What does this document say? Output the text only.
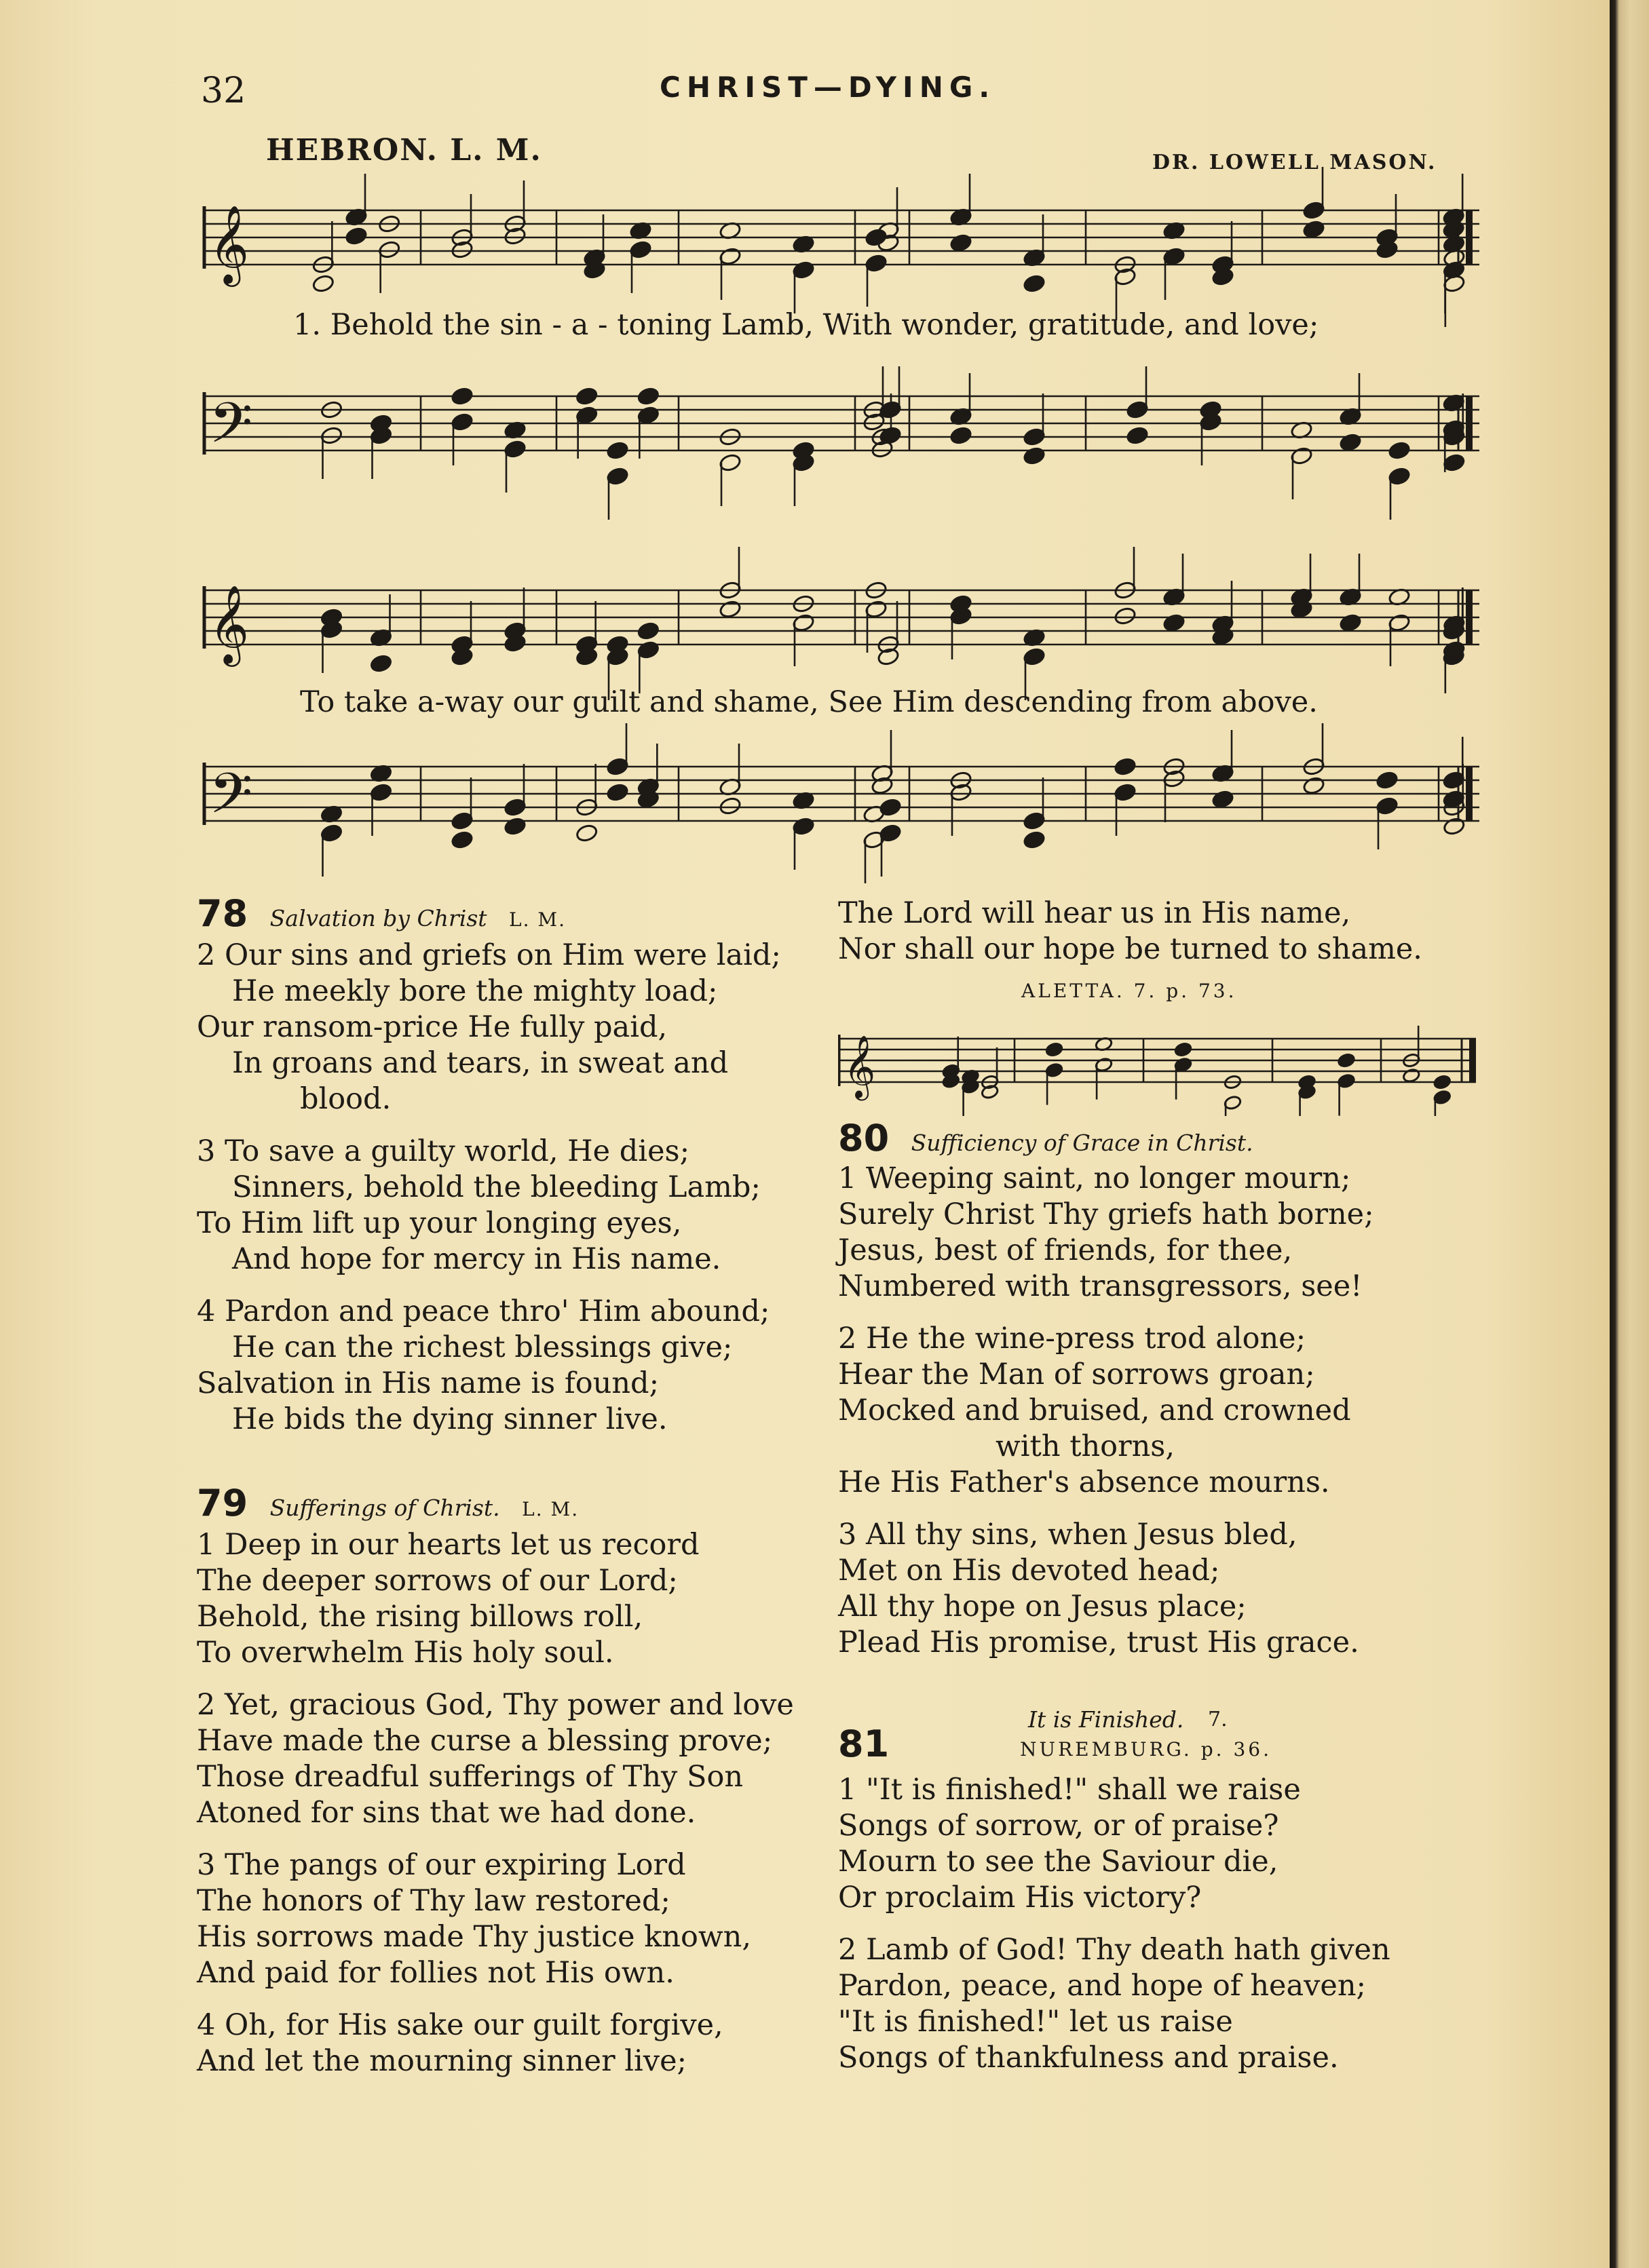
32	CHRIST—DYING.
HEBRON. L. M.	DR. LOWELL MASON.
𝄞
1. Behold the sin - a - toning Lamb, With wonder, gratitude, and love;
𝄢
𝄞
To take a-way our guilt and shame, See Him descending from above.
𝄢
78 Salvation by Christ L. M.
2 Our sins and griefs on Him were laid;
He meekly bore the mighty load;
Our ransom-price He fully paid,
In groans and tears, in sweat and
blood.
3 To save a guilty world, He dies;
Sinners, behold the bleeding Lamb;
To Him lift up your longing eyes,
And hope for mercy in His name.
4 Pardon and peace thro' Him abound;
He can the richest blessings give;
Salvation in His name is found;
He bids the dying sinner live.
79 Sufferings of Christ. L. M.
1 Deep in our hearts let us record
The deeper sorrows of our Lord;
Behold, the rising billows roll,
To overwhelm His holy soul.
2 Yet, gracious God, Thy power and love
Have made the curse a blessing prove;
Those dreadful sufferings of Thy Son
Atoned for sins that we had done.
3 The pangs of our expiring Lord
The honors of Thy law restored;
His sorrows made Thy justice known,
And paid for follies not His own.
4 Oh, for His sake our guilt forgive,
And let the mourning sinner live;
The Lord will hear us in His name,
Nor shall our hope be turned to shame.
ALETTA. 7. p. 73.
𝄞
80 Sufficiency of Grace in Christ.
1 Weeping saint, no longer mourn;
Surely Christ Thy griefs hath borne;
Jesus, best of friends, for thee,
Numbered with transgressors, see!
2 He the wine-press trod alone;
Hear the Man of sorrows groan;
Mocked and bruised, and crowned
with thorns,
He His Father's absence mourns.
3 All thy sins, when Jesus bled,
Met on His devoted head;
All thy hope on Jesus place;
Plead His promise, trust His grace.
81
It is Finished. 7.
NUREMBURG. p. 36.
1 "It is finished!" shall we raise
Songs of sorrow, or of praise?
Mourn to see the Saviour die,
Or proclaim His victory?
2 Lamb of God! Thy death hath given
Pardon, peace, and hope of heaven;
"It is finished!" let us raise
Songs of thankfulness and praise.
